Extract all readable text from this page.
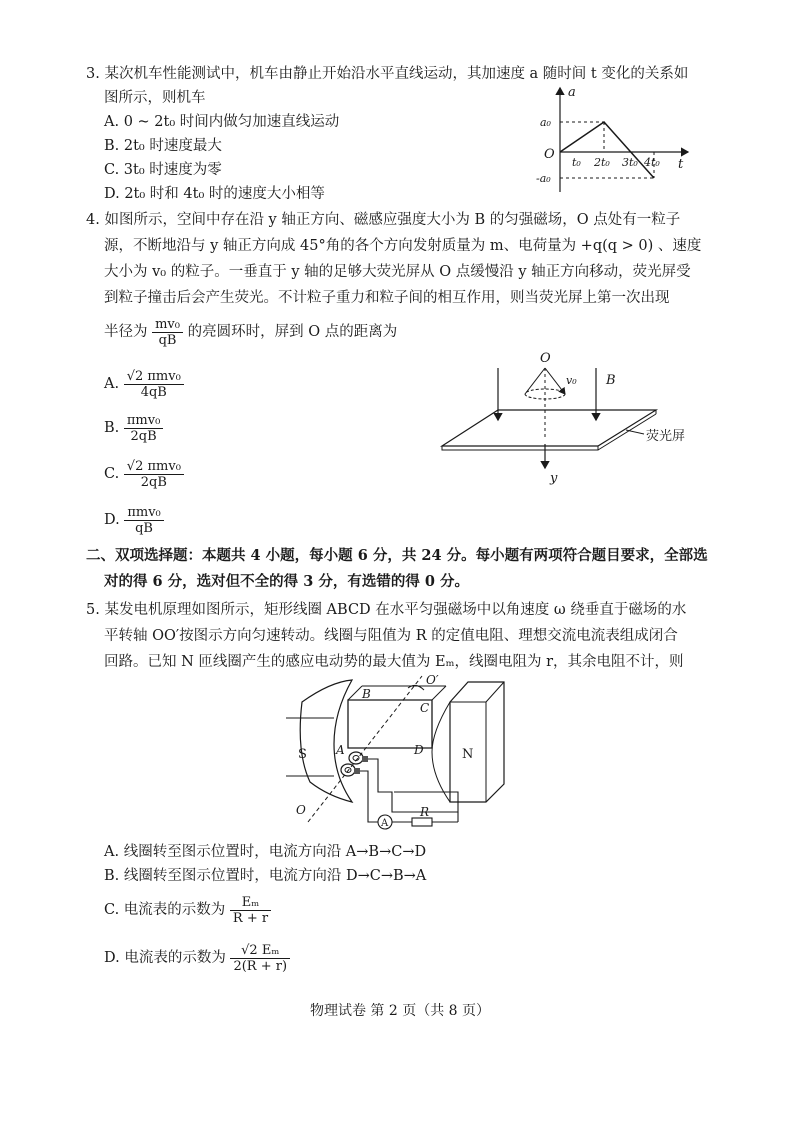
3. 某次机车性能测试中，机车由静止开始沿水平直线运动，其加速度 a 随时间 t 变化的关系如
图所示，则机车
A. 0 ~ 2t₀ 时间内做匀加速直线运动
B. 2t₀ 时速度最大
C. 3t₀ 时速度为零
D. 2t₀ 时和 4t₀ 时的速度大小相等
a
t
O
a₀
-a₀
t₀ 2t₀ 3t₀ 4t₀
4. 如图所示，空间中存在沿 y 轴正方向、磁感应强度大小为 B 的匀强磁场，O 点处有一粒子
源，不断地沿与 y 轴正方向成 45°角的各个方向发射质量为 m、电荷量为 +q(q > 0) 、速度
大小为 v₀ 的粒子。一垂直于 y 轴的足够大荧光屏从 O 点缓慢沿 y 轴正方向移动，荧光屏受
到粒子撞击后会产生荧光。不计粒子重力和粒子间的相互作用，则当荧光屏上第一次出现
半径为 $\frac{\text{mv₀}}{qB}$ 的亮圆环时，屏到 O 点的距离为
A. $\frac{\text{√2 πmv₀}}{4qB}$
B. $\frac{\text{πmv₀}}{2qB}$
C. $\frac{\text{√2 πmv₀}}{2qB}$
D. $\frac{\text{πmv₀}}{qB}$
O
v₀ B
y
荧光屏
二、双项选择题：本题共 4 小题，每小题 6 分，共 24 分。每小题有两项符合题目要求，全部选
对的得 6 分，选对但不全的得 3 分，有选错的得 0 分。
5. 某发电机原理如图所示，矩形线圈 ABCD 在水平匀强磁场中以角速度 ω 绕垂直于磁场的水
平转轴 OO′按图示方向匀速转动。线圈与阻值为 R 的定值电阻、理想交流电流表组成闭合
回路。已知 N 匝线圈产生的感应电动势的最大值为 Eₘ，线圈电阻为 r，其余电阻不计，则
S	N
A
B
C
D
O
O′
R
A
A. 线圈转至图示位置时，电流方向沿 A→B→C→D
B. 线圈转至图示位置时，电流方向沿 D→C→B→A
C. 电流表的示数为 $\frac{\text{Eₘ}}{R + r}$
D. 电流表的示数为 $\frac{\text{√2 Eₘ}}{2(R + r)}$
物理试卷 第 2 页（共 8 页）
